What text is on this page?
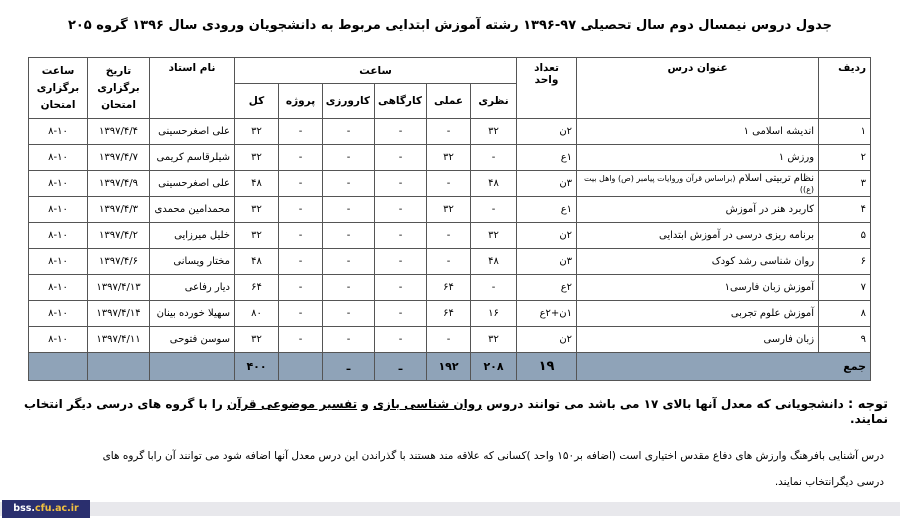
جدول دروس نیمسال دوم سال تحصیلی ۹۷-۱۳۹۶ رشته آموزش ابتدایی مربوط به دانشجویان ورودی سال ۱۳۹۶ گروه ۲۰۵
ردیف	عنوان درس	تعداد واحد	ساعت						نام استاد	تاریخ برگزاری امتحان	ساعت برگزاری امتحان
			نظری	عملی	کارگاهی	کارورزی	پروژه	کل			
۱	اندیشه اسلامی ۱	۲ن	۳۲	-	-	-	-	۳۲	علی اصغرحسینی	۱۳۹۷/۴/۴	۸-۱۰
۲	ورزش ۱	۱ع	-	۳۲	-	-	-	۳۲	شیلرقاسم کریمی	۱۳۹۷/۴/۷	۸-۱۰
۳	نظام تربیتی اسلام (براساس قرآن وروایات پیامبر (ص) واهل بیت (ع))	۳ن	۴۸	-	-	-	-	۴۸	علی اصغرحسینی	۱۳۹۷/۴/۹	۸-۱۰
۴	کاربرد هنر در آموزش	۱ع	-	۳۲	-	-	-	۳۲	محمدامین محمدی	۱۳۹۷/۴/۳	۸-۱۰
۵	برنامه ریزی درسی در آموزش ابتدایی	۲ن	۳۲	-	-	-	-	۳۲	خلیل میرزایی	۱۳۹۷/۴/۲	۸-۱۰
۶	روان شناسی رشد کودک	۳ن	۴۸	-	-	-	-	۴۸	مختار ویسانی	۱۳۹۷/۴/۶	۸-۱۰
۷	آموزش زبان فارسی۱	۲ع	-	۶۴	-	-	-	۶۴	دیار رفاعی	۱۳۹۷/۴/۱۳	۸-۱۰
۸	آموزش علوم تجربی	۱ن+۲ع	۱۶	۶۴	-	-	-	۸۰	سهیلا خورده بینان	۱۳۹۷/۴/۱۴	۸-۱۰
۹	زبان فارسی	۲ن	۳۲	-	-	-	-	۳۲	سوسن فتوحی	۱۳۹۷/۴/۱۱	۸-۱۰
جمع		۱۹	۲۰۸	۱۹۲	ـ	ـ		۴۰۰			
توجه : دانشجویانی که معدل آنها بالای ۱۷ می باشد می توانند دروس روان شناسی بازی و تفسیر موضوعی قرآن را با گروه های درسی دیگر انتخاب نمایند.
درس آشنایی بافرهنگ وارزش های دفاع مقدس اختیاری است (اضافه بر۱۵۰ واحد )کسانی که علاقه مند هستند با گذراندن این درس معدل آنها اضافه شود می توانند آن رابا گروه های
درسی دیگرانتخاب نمایند.
bss.cfu.ac.ir
